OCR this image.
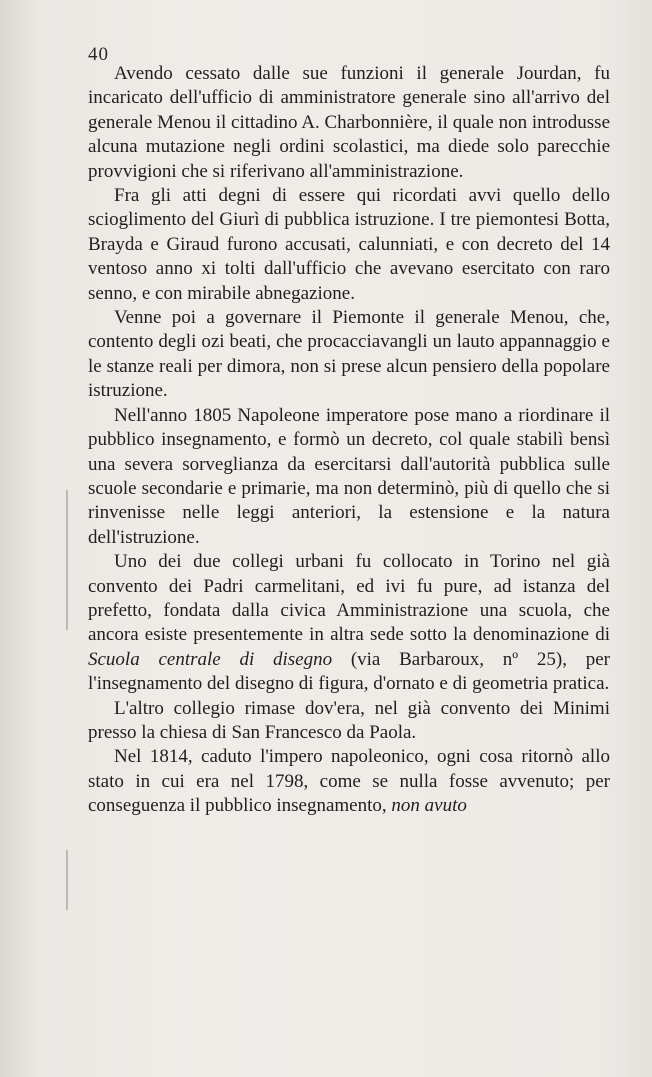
40

Avendo cessato dalle sue funzioni il generale Jourdan, fu incaricato dell'ufficio di amministratore generale sino all'arrivo del generale Menou il cittadino A. Charbonnière, il quale non introdusse alcuna mutazione negli ordini scolastici, ma diede solo parecchie provvigioni che si riferivano all'amministrazione.

Fra gli atti degni di essere qui ricordati avvi quello dello scioglimento del Giurì di pubblica istruzione. I tre piemontesi Botta, Brayda e Giraud furono accusati, calunniati, e con decreto del 14 ventoso anno xi tolti dall'ufficio che avevano esercitato con raro senno, e con mirabile abnegazione.

Venne poi a governare il Piemonte il generale Menou, che, contento degli ozi beati, che procacciavangli un lauto appannaggio e le stanze reali per dimora, non si prese alcun pensiero della popolare istruzione.

Nell'anno 1805 Napoleone imperatore pose mano a riordinare il pubblico insegnamento, e formò un decreto, col quale stabilì bensì una severa sorveglianza da esercitarsi dall'autorità pubblica sulle scuole secondarie e primarie, ma non determinò, più di quello che si rinvenisse nelle leggi anteriori, la estensione e la natura dell'istruzione.

Uno dei due collegi urbani fu collocato in Torino nel già convento dei Padri carmelitani, ed ivi fu pure, ad istanza del prefetto, fondata dalla civica Amministrazione una scuola, che ancora esiste presentemente in altra sede sotto la denominazione di Scuola centrale di disegno (via Barbaroux, nº 25), per l'insegnamento del disegno di figura, d'ornato e di geometria pratica.

L'altro collegio rimase dov'era, nel già convento dei Minimi presso la chiesa di San Francesco da Paola.

Nel 1814, caduto l'impero napoleonico, ogni cosa ritornò allo stato in cui era nel 1798, come se nulla fosse avvenuto; per conseguenza il pubblico insegnamento, non avuto
